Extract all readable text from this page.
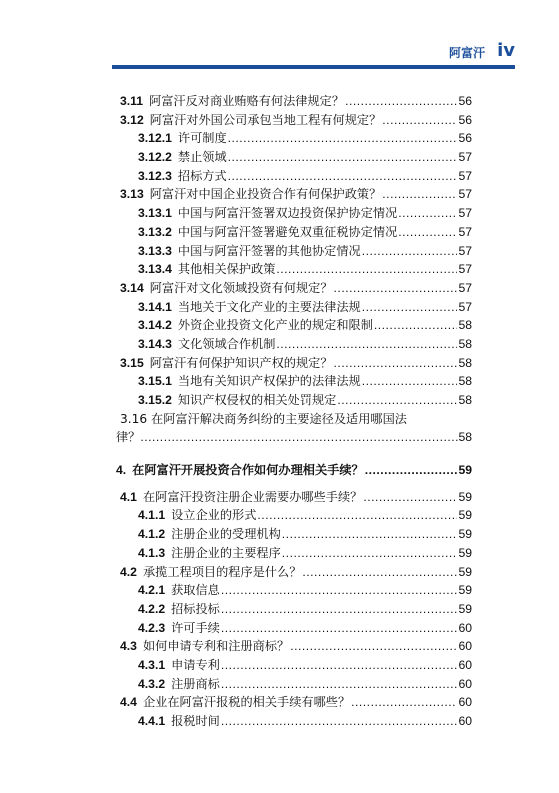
阿富汗 iv
3.11 阿富汗反对商业贿赂有何法律规定？ .....	56
3.12 阿富汗对外国公司承包当地工程有何规定？ .....	56
3.12.1 许可制度 .....	56
3.12.2 禁止领域 .....	57
3.12.3 招标方式 .....	57
3.13 阿富汗对中国企业投资合作有何保护政策？ .....	57
3.13.1 中国与阿富汗签署双边投资保护协定情况 .....	57
3.13.2 中国与阿富汗签署避免双重征税协定情况 .....	57
3.13.3 中国与阿富汗签署的其他协定情况 .....	57
3.13.4 其他相关保护政策 .....	57
3.14 阿富汗对文化领域投资有何规定？ .....	57
3.14.1 当地关于文化产业的主要法律法规 .....	57
3.14.2 外资企业投资文化产业的规定和限制 .....	58
3.14.3 文化领域合作机制 .....	58
3.15 阿富汗有何保护知识产权的规定？ .....	58
3.15.1 当地有关知识产权保护的法律法规 .....	58
3.15.2 知识产权侵权的相关处罚规定 .....	58
3.16 在阿富汗解决商务纠纷的主要途径及适用哪国法
律？ .....	58
4. 在阿富汗开展投资合作如何办理相关手续？ .....	59
4.1 在阿富汗投资注册企业需要办哪些手续？ .....	59
4.1.1 设立企业的形式 .....	59
4.1.2 注册企业的受理机构 .....	59
4.1.3 注册企业的主要程序 .....	59
4.2 承揽工程项目的程序是什么？ .....	59
4.2.1 获取信息 .....	59
4.2.2 招标投标 .....	59
4.2.3 许可手续 .....	60
4.3 如何申请专利和注册商标？ .....	60
4.3.1 申请专利 .....	60
4.3.2 注册商标 .....	60
4.4 企业在阿富汗报税的相关手续有哪些？ .....	60
4.4.1 报税时间 .....	60
